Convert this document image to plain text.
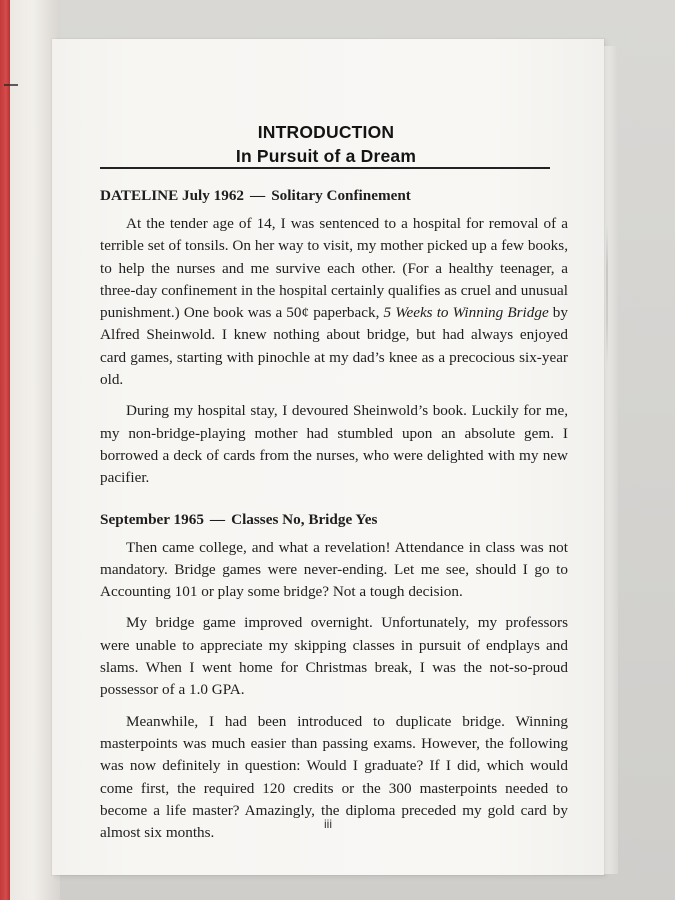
INTRODUCTION
In Pursuit of a Dream
DATELINE July 1962 — Solitary Confinement

At the tender age of 14, I was sentenced to a hospital for removal of a terrible set of tonsils. On her way to visit, my mother picked up a few books, to help the nurses and me survive each other. (For a healthy teenager, a three-day confinement in the hospital certainly qualifies as cruel and unusual punishment.) One book was a 50¢ paperback, 5 Weeks to Winning Bridge by Alfred Sheinwold. I knew nothing about bridge, but had always enjoyed card games, starting with pinochle at my dad’s knee as a precocious six-year old.

During my hospital stay, I devoured Sheinwold’s book. Luckily for me, my non-bridge-playing mother had stumbled upon an absolute gem. I borrowed a deck of cards from the nurses, who were delighted with my new pacifier.

September 1965 — Classes No, Bridge Yes

Then came college, and what a revelation! Attendance in class was not mandatory. Bridge games were never-ending. Let me see, should I go to Accounting 101 or play some bridge? Not a tough decision.

My bridge game improved overnight. Unfortunately, my professors were unable to appreciate my skipping classes in pursuit of endplays and slams. When I went home for Christmas break, I was the not-so-proud possessor of a 1.0 GPA.

Meanwhile, I had been introduced to duplicate bridge. Winning masterpoints was much easier than passing exams. However, the following was now definitely in question: Would I graduate? If I did, which would come first, the required 120 credits or the 300 masterpoints needed to become a life master? Amazingly, the diploma preceded my gold card by almost six months.

iii
